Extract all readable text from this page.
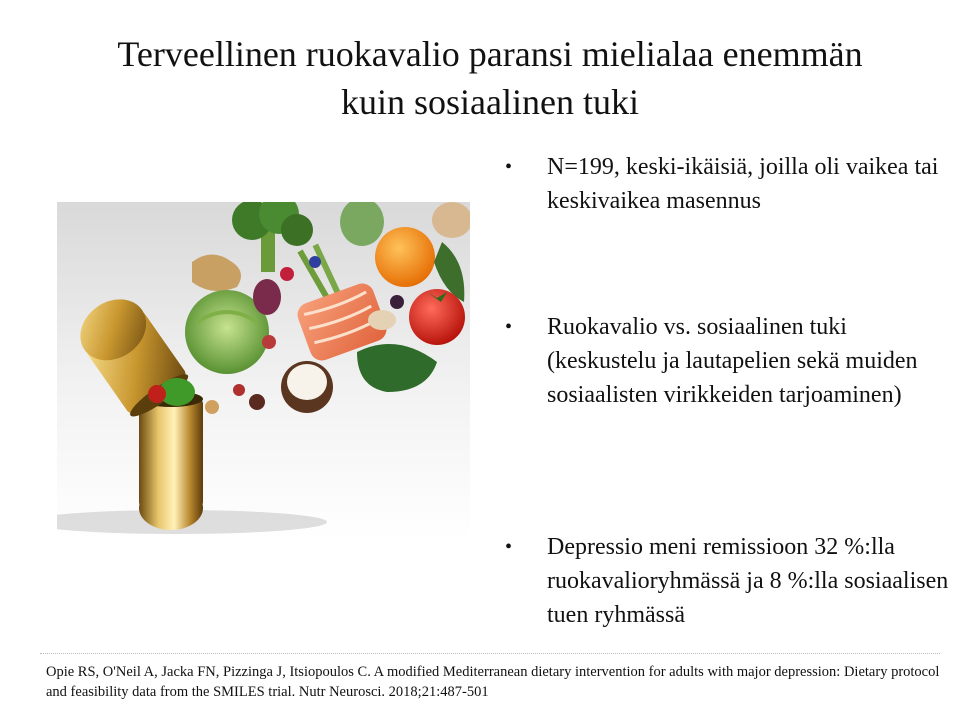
Terveellinen ruokavalio paransi mielialaa enemmän
kuin sosiaalinen tuki
•	N=199, keski-ikäisiä, joilla oli vaikea tai keskivaikea masennus
•	Ruokavalio vs. sosiaalinen tuki (keskustelu ja lautapelien sekä muiden sosiaalisten virikkeiden tarjoaminen)
•	Depressio meni remissioon 32 %:lla ruokavalioryhmässä ja 8 %:lla sosiaalisen tuen ryhmässä

Opie RS, O'Neil A, Jacka FN, Pizzinga J, Itsiopoulos C. A modified Mediterranean dietary intervention for adults with major depression: Dietary protocol and feasibility data from the SMILES trial. Nutr Neurosci. 2018;21:487-501
